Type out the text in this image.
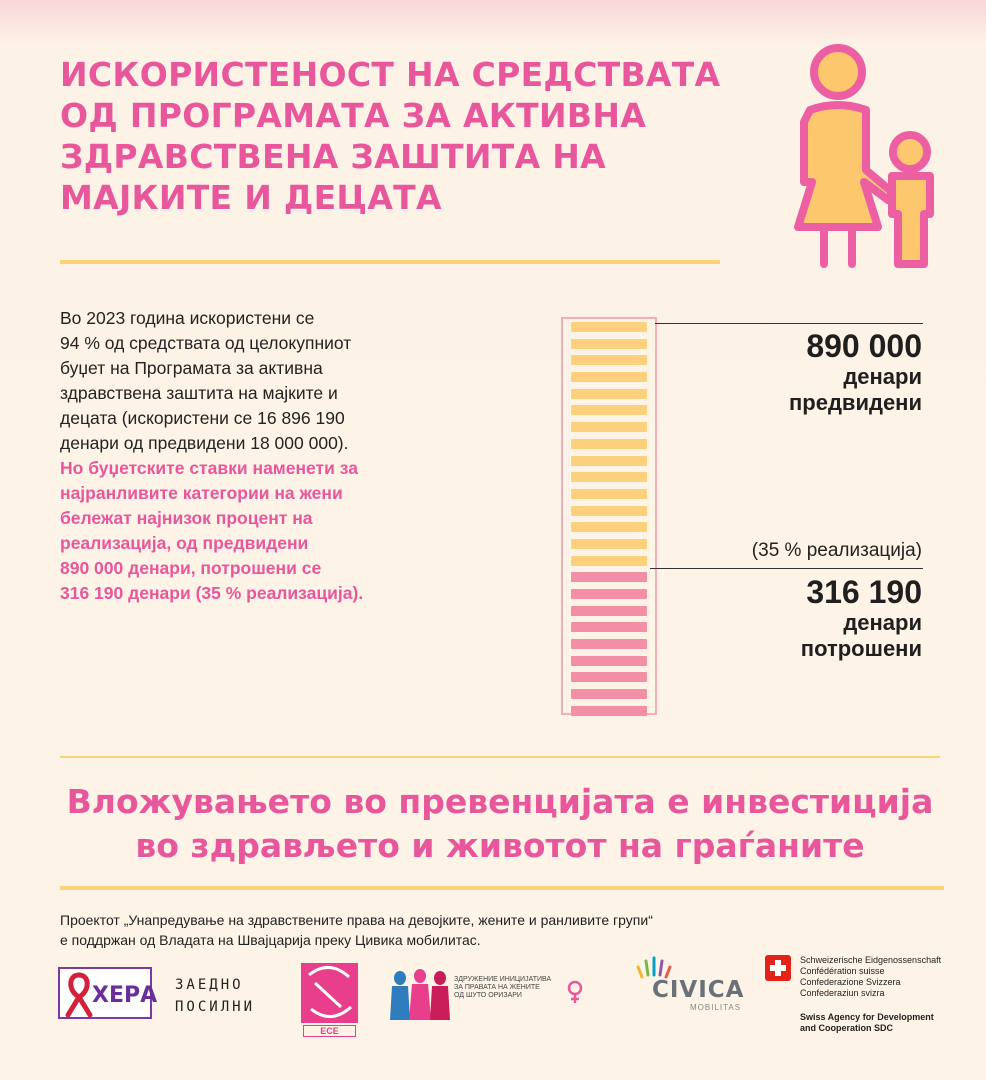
ИСКОРИСТЕНОСТ НА СРЕДСТВАТА
ОД ПРОГРАМАТА ЗА АКТИВНА
ЗДРАВСТВЕНА ЗАШТИТА НА
МАЈКИТЕ И ДЕЦАТА
Во 2023 година искористени се
94 % од средствата од целокупниот
буџет на Програмата за активна
здравствена заштита на мајките и
децата (искористени се 16 896 190
денари од предвидени 18 000 000).
Но буџетските ставки наменети за
најранливите категории на жени
бележат најнизок процент на
реализација, од предвидени
890 000 денари, потрошени се
316 190 денари (35 % реализација).
890 000
денари
предвидени
(35 % реализација)
316 190
денари
потрошени
Вложувањето во превенцијата е инвестиција
во здрављето и животот на граѓаните
Проектот „Унапредување на здравствените права на девојките, жените и ранливите групи“
е поддржан од Владата на Швајцарија преку Цивика мобилитас.
ХЕРА ЗАЕДНО
ПОСИЛНИ
ЕСЕ
ЗДРУЖЕНИЕ ИНИЦИЈАТИВА
ЗА ПРАВАТА НА ЖЕНИТЕ
ОД ШУТО ОРИЗАРИ	CIVICA
MOBILITAS
Schweizerische Eidgenossenschaft
Confédération suisse
Confederazione Svizzera
Confederaziun svizra
Swiss Agency for Development
and Cooperation SDC
